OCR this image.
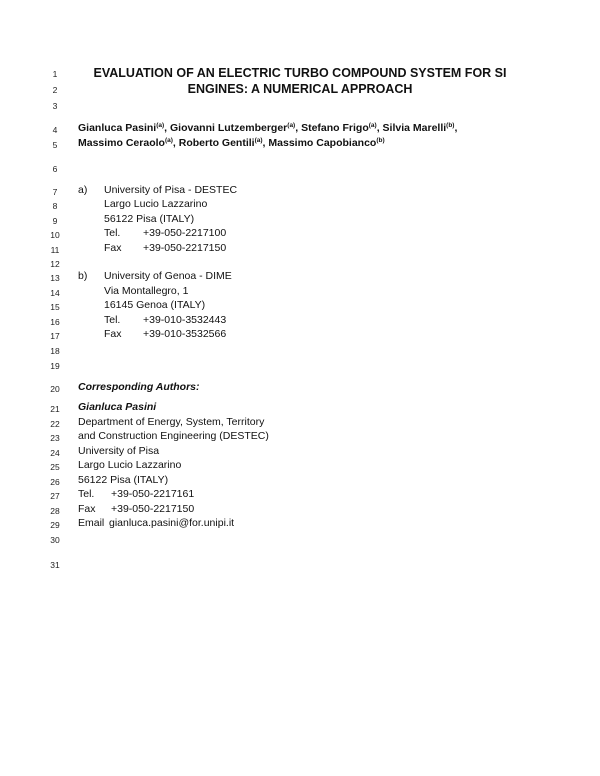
1
2
3
4
5
6
7
8
9
10
11
12
13
14
15
16
17
18
19
20
21
22
23
24
25
26
27
28
29
30
31
EVALUATION OF AN ELECTRIC TURBO COMPOUND SYSTEM FOR SI
ENGINES: A NUMERICAL APPROACH
Gianluca Pasini$^{(a)}$, Giovanni Lutzemberger$^{(a)}$, Stefano Frigo$^{(a)}$, Silvia Marelli$^{(b)}$,
Massimo Ceraolo$^{(a)}$, Roberto Gentili$^{(a)}$, Massimo Capobianco$^{(b)}$
a) University of Pisa - DESTEC
Largo Lucio Lazzarino
56122 Pisa (ITALY)
Tel. +39-050-2217100
Fax +39-050-2217150
b) University of Genoa - DIME
Via Montallegro, 1
16145 Genoa (ITALY)
Tel. +39-010-3532443
Fax +39-010-3532566
Corresponding Authors:
Gianluca Pasini
Department of Energy, System, Territory
and Construction Engineering (DESTEC)
University of Pisa
Largo Lucio Lazzarino
56122 Pisa (ITALY)
Tel. +39-050-2217161
Fax +39-050-2217150
Email gianluca.pasini@for.unipi.it
